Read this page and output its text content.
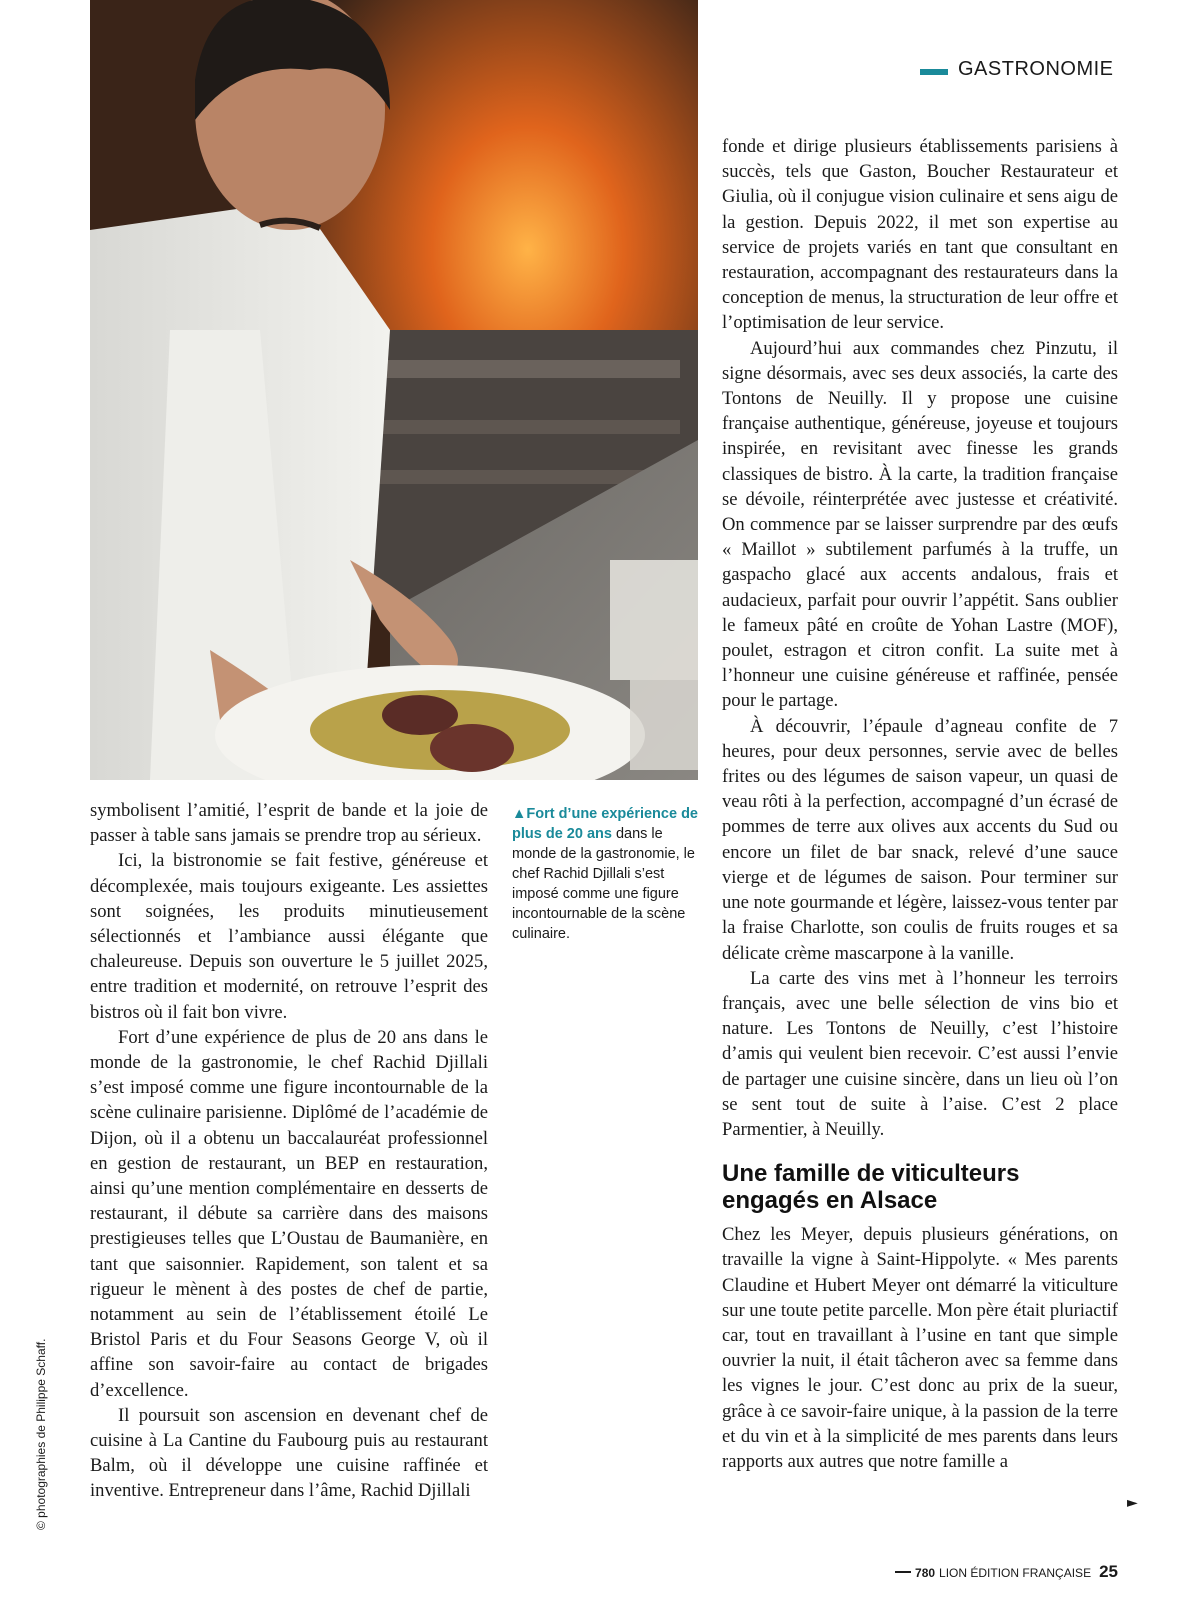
GASTRONOMIE
© photographies de Philippe Schaff.

symbolisent l’amitié, l’esprit de bande et la joie de passer à table sans jamais se prendre trop au sérieux.

Ici, la bistronomie se fait festive, généreuse et décomplexée, mais toujours exigeante. Les assiettes sont soignées, les produits minutieusement sélectionnés et l’ambiance aussi élégante que chaleureuse. Depuis son ouverture le 5 juillet 2025, entre tradition et modernité, on retrouve l’esprit des bistros où il fait bon vivre.

Fort d’une expérience de plus de 20 ans dans le monde de la gastronomie, le chef Rachid Djillali s’est imposé comme une figure incontournable de la scène culinaire parisienne. Diplômé de l’académie de Dijon, où il a obtenu un baccalauréat professionnel en gestion de restaurant, un BEP en restauration, ainsi qu’une mention complémentaire en desserts de restaurant, il débute sa carrière dans des maisons prestigieuses telles que L’Oustau de Baumanière, en tant que saisonnier. Rapidement, son talent et sa rigueur le mènent à des postes de chef de partie, notamment au sein de l’établissement étoilé Le Bristol Paris et du Four Seasons George V, où il affine son savoir-faire au contact de brigades d’excellence.

Il poursuit son ascension en devenant chef de cuisine à La Cantine du Faubourg puis au restaurant Balm, où il développe une cuisine raffinée et inventive. Entrepreneur dans l’âme, Rachid Djillali

▲Fort d’une expérience de plus de 20 ans dans le monde de la gastronomie, le chef Rachid Djillali s’est imposé comme une figure incontournable de la scène culinaire.

fonde et dirige plusieurs établissements parisiens à succès, tels que Gaston, Boucher Restaurateur et Giulia, où il conjugue vision culinaire et sens aigu de la gestion. Depuis 2022, il met son expertise au service de projets variés en tant que consultant en restauration, accompagnant des restaurateurs dans la conception de menus, la structuration de leur offre et l’optimisation de leur service.

Aujourd’hui aux commandes chez Pinzutu, il signe désormais, avec ses deux associés, la carte des Tontons de Neuilly. Il y propose une cuisine française authentique, généreuse, joyeuse et toujours inspirée, en revisitant avec finesse les grands classiques de bistro. À la carte, la tradition française se dévoile, réinterprétée avec justesse et créativité. On commence par se laisser surprendre par des œufs « Maillot » subtilement parfumés à la truffe, un gaspacho glacé aux accents andalous, frais et audacieux, parfait pour ouvrir l’appétit. Sans oublier le fameux pâté en croûte de Yohan Lastre (MOF), poulet, estragon et citron confit. La suite met à l’honneur une cuisine généreuse et raffinée, pensée pour le partage.

À découvrir, l’épaule d’agneau confite de 7 heures, pour deux personnes, servie avec de belles frites ou des légumes de saison vapeur, un quasi de veau rôti à la perfection, accompagné d’un écrasé de pommes de terre aux olives aux accents du Sud ou encore un filet de bar snack, relevé d’une sauce vierge et de légumes de saison. Pour terminer sur une note gourmande et légère, laissez-vous tenter par la fraise Charlotte, son coulis de fruits rouges et sa délicate crème mascarpone à la vanille.

La carte des vins met à l’honneur les terroirs français, avec une belle sélection de vins bio et nature. Les Tontons de Neuilly, c’est l’histoire d’amis qui veulent bien recevoir. C’est aussi l’envie de partager une cuisine sincère, dans un lieu où l’on se sent tout de suite à l’aise. C’est 2 place Parmentier, à Neuilly.

Une famille de viticulteurs engagés en Alsace

Chez les Meyer, depuis plusieurs générations, on travaille la vigne à Saint-Hippolyte. « Mes parents Claudine et Hubert Meyer ont démarré la viticulture sur une toute petite parcelle. Mon père était pluriactif car, tout en travaillant à l’usine en tant que simple ouvrier la nuit, il était tâcheron avec sa femme dans les vignes le jour. C’est donc au prix de la sueur, grâce à ce savoir-faire unique, à la passion de la terre et du vin et à la simplicité de mes parents dans leurs rapports aux autres que notre famille a

►
780 LION ÉDITION FRANÇAISE 25
